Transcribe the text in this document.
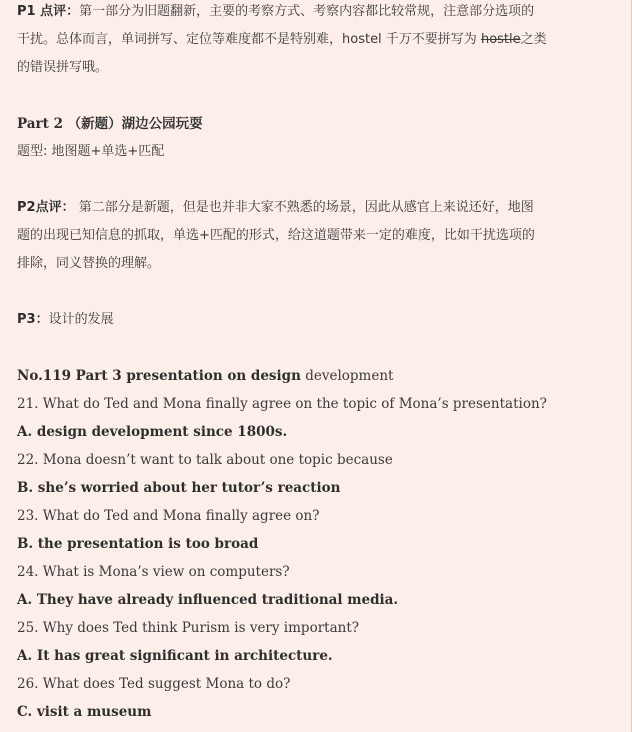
P1 点评：第一部分为旧题翻新，主要的考察方式、考察内容都比较常规，注意部分选项的
干扰。总体而言，单词拼写、定位等难度都不是特别难，hostel 千万不要拼写为 hostle之类
的错误拼写哦。
Part 2 （新题）湖边公园玩耍
题型: 地图题+单选+匹配
P2点评： 第二部分是新题，但是也并非大家不熟悉的场景，因此从感官上来说还好，地图
题的出现已知信息的抓取，单选+匹配的形式，给这道题带来一定的难度，比如干扰选项的
排除，同义替换的理解。
P3：设计的发展
No.119 Part 3 presentation on design development
21. What do Ted and Mona finally agree on the topic of Mona’s presentation?
A. design development since 1800s.
22. Mona doesn’t want to talk about one topic because
B. she’s worried about her tutor’s reaction
23. What do Ted and Mona finally agree on?
B. the presentation is too broad
24. What is Mona’s view on computers?
A. They have already influenced traditional media.
25. Why does Ted think Purism is very important?
A. It has great significant in architecture.
26. What does Ted suggest Mona to do?
C. visit a museum
